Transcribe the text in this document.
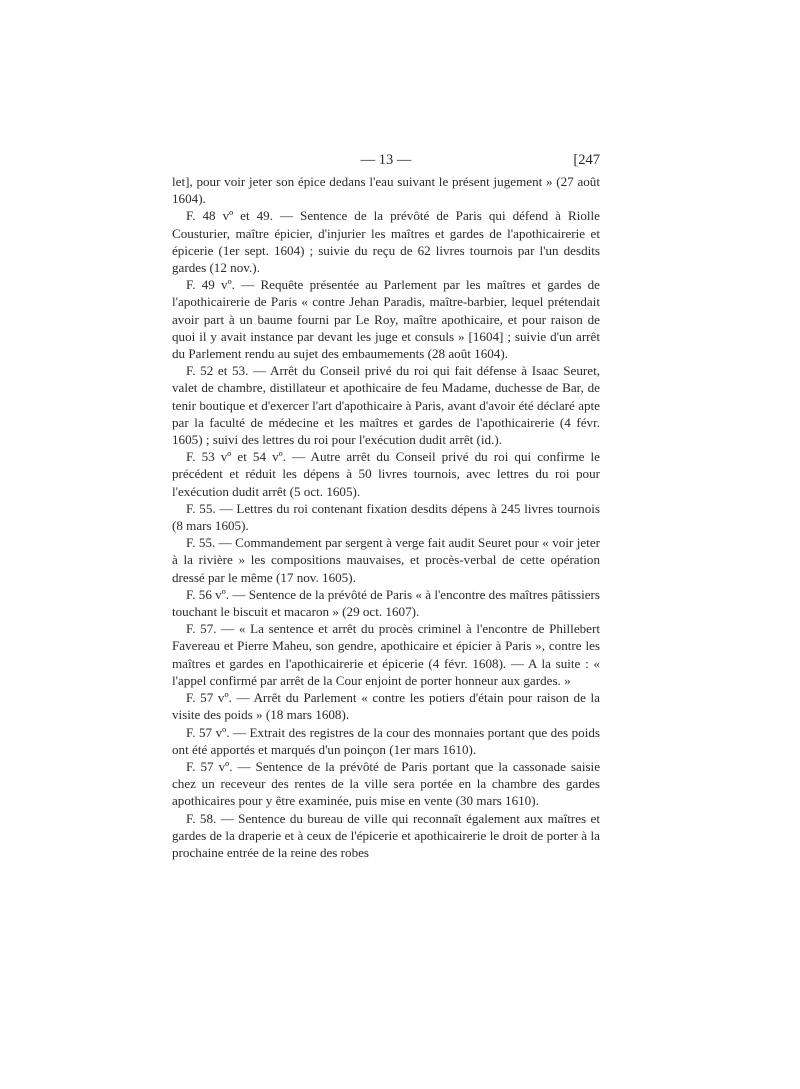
— 13 —	[247

let], pour voir jeter son épice dedans l'eau suivant le présent jugement » (27 août 1604).

F. 48 vº et 49. — Sentence de la prévôté de Paris qui défend à Riolle Cousturier, maître épicier, d'injurier les maîtres et gardes de l'apothicairerie et épicerie (1er sept. 1604) ; suivie du reçu de 62 livres tournois par l'un desdits gardes (12 nov.).

F. 49 vº. — Requête présentée au Parlement par les maîtres et gardes de l'apothicairerie de Paris « contre Jehan Paradis, maître-barbier, lequel prétendait avoir part à un baume fourni par Le Roy, maître apothicaire, et pour raison de quoi il y avait instance par devant les juge et consuls » [1604] ; suivie d'un arrêt du Parlement rendu au sujet des embaumements (28 août 1604).

F. 52 et 53. — Arrêt du Conseil privé du roi qui fait défense à Isaac Seuret, valet de chambre, distillateur et apothicaire de feu Madame, duchesse de Bar, de tenir boutique et d'exercer l'art d'apothicaire à Paris, avant d'avoir été déclaré apte par la faculté de médecine et les maîtres et gardes de l'apothicairerie (4 févr. 1605) ; suivi des lettres du roi pour l'exécution dudit arrêt (id.).

F. 53 vº et 54 vº. — Autre arrêt du Conseil privé du roi qui confirme le précédent et réduit les dépens à 50 livres tournois, avec lettres du roi pour l'exécution dudit arrêt (5 oct. 1605).

F. 55. — Lettres du roi contenant fixation desdits dépens à 245 livres tournois (8 mars 1605).

F. 55. — Commandement par sergent à verge fait audit Seuret pour « voir jeter à la rivière » les compositions mauvaises, et procès-verbal de cette opération dressé par le même (17 nov. 1605).

F. 56 vº. — Sentence de la prévôté de Paris « à l'encontre des maîtres pâtissiers touchant le biscuit et macaron » (29 oct. 1607).

F. 57. — « La sentence et arrêt du procès criminel à l'encontre de Phillebert Favereau et Pierre Maheu, son gendre, apothicaire et épicier à Paris », contre les maîtres et gardes en l'apothicairerie et épicerie (4 févr. 1608). — A la suite : « l'appel confirmé par arrêt de la Cour enjoint de porter honneur aux gardes. »

F. 57 vº. — Arrêt du Parlement « contre les potiers d'étain pour raison de la visite des poids » (18 mars 1608).

F. 57 vº. — Extrait des registres de la cour des monnaies portant que des poids ont été apportés et marqués d'un poinçon (1er mars 1610).

F. 57 vº. — Sentence de la prévôté de Paris portant que la cassonade saisie chez un receveur des rentes de la ville sera portée en la chambre des gardes apothicaires pour y être examinée, puis mise en vente (30 mars 1610).

F. 58. — Sentence du bureau de ville qui reconnaît également aux maîtres et gardes de la draperie et à ceux de l'épicerie et apothicairerie le droit de porter à la prochaine entrée de la reine des robes
